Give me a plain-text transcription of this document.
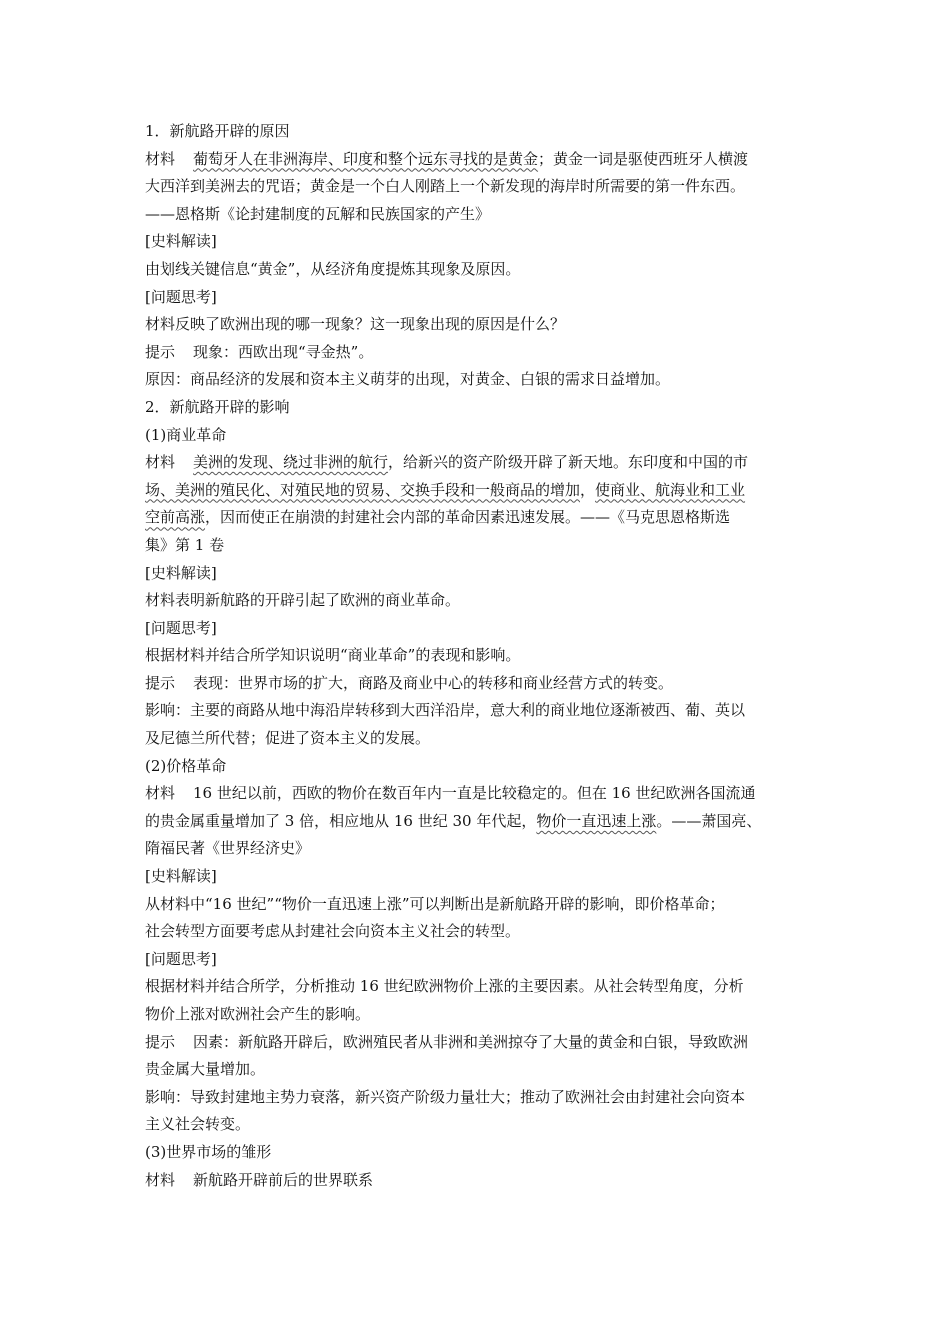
1．新航路开辟的原因
材料 葡萄牙人在非洲海岸、印度和整个远东寻找的是黄金；黄金一词是驱使西班牙人横渡
大西洋到美洲去的咒语；黄金是一个白人刚踏上一个新发现的海岸时所需要的第一件东西。
——恩格斯《论封建制度的瓦解和民族国家的产生》
[史料解读]
由划线关键信息“黄金”，从经济角度提炼其现象及原因。
[问题思考]
材料反映了欧洲出现的哪一现象？这一现象出现的原因是什么？
提示 现象：西欧出现“寻金热”。
原因：商品经济的发展和资本主义萌芽的出现，对黄金、白银的需求日益增加。
2．新航路开辟的影响
(1)商业革命
材料 美洲的发现、绕过非洲的航行，给新兴的资产阶级开辟了新天地。东印度和中国的市
场、美洲的殖民化、对殖民地的贸易、交换手段和一般商品的增加，使商业、航海业和工业
空前高涨，因而使正在崩溃的封建社会内部的革命因素迅速发展。——《马克思恩格斯选
集》第 1 卷
[史料解读]
材料表明新航路的开辟引起了欧洲的商业革命。
[问题思考]
根据材料并结合所学知识说明“商业革命”的表现和影响。
提示 表现：世界市场的扩大，商路及商业中心的转移和商业经营方式的转变。
影响：主要的商路从地中海沿岸转移到大西洋沿岸，意大利的商业地位逐渐被西、葡、英以
及尼德兰所代替；促进了资本主义的发展。
(2)价格革命
材料 16 世纪以前，西欧的物价在数百年内一直是比较稳定的。但在 16 世纪欧洲各国流通
的贵金属重量增加了 3 倍，相应地从 16 世纪 30 年代起，物价一直迅速上涨。——萧国亮、
隋福民著《世界经济史》
[史料解读]
从材料中“16 世纪”“物价一直迅速上涨”可以判断出是新航路开辟的影响，即价格革命；
社会转型方面要考虑从封建社会向资本主义社会的转型。
[问题思考]
根据材料并结合所学，分析推动 16 世纪欧洲物价上涨的主要因素。从社会转型角度，分析
物价上涨对欧洲社会产生的影响。
提示 因素：新航路开辟后，欧洲殖民者从非洲和美洲掠夺了大量的黄金和白银，导致欧洲
贵金属大量增加。
影响：导致封建地主势力衰落，新兴资产阶级力量壮大；推动了欧洲社会由封建社会向资本
主义社会转变。
(3)世界市场的雏形
材料 新航路开辟前后的世界联系
